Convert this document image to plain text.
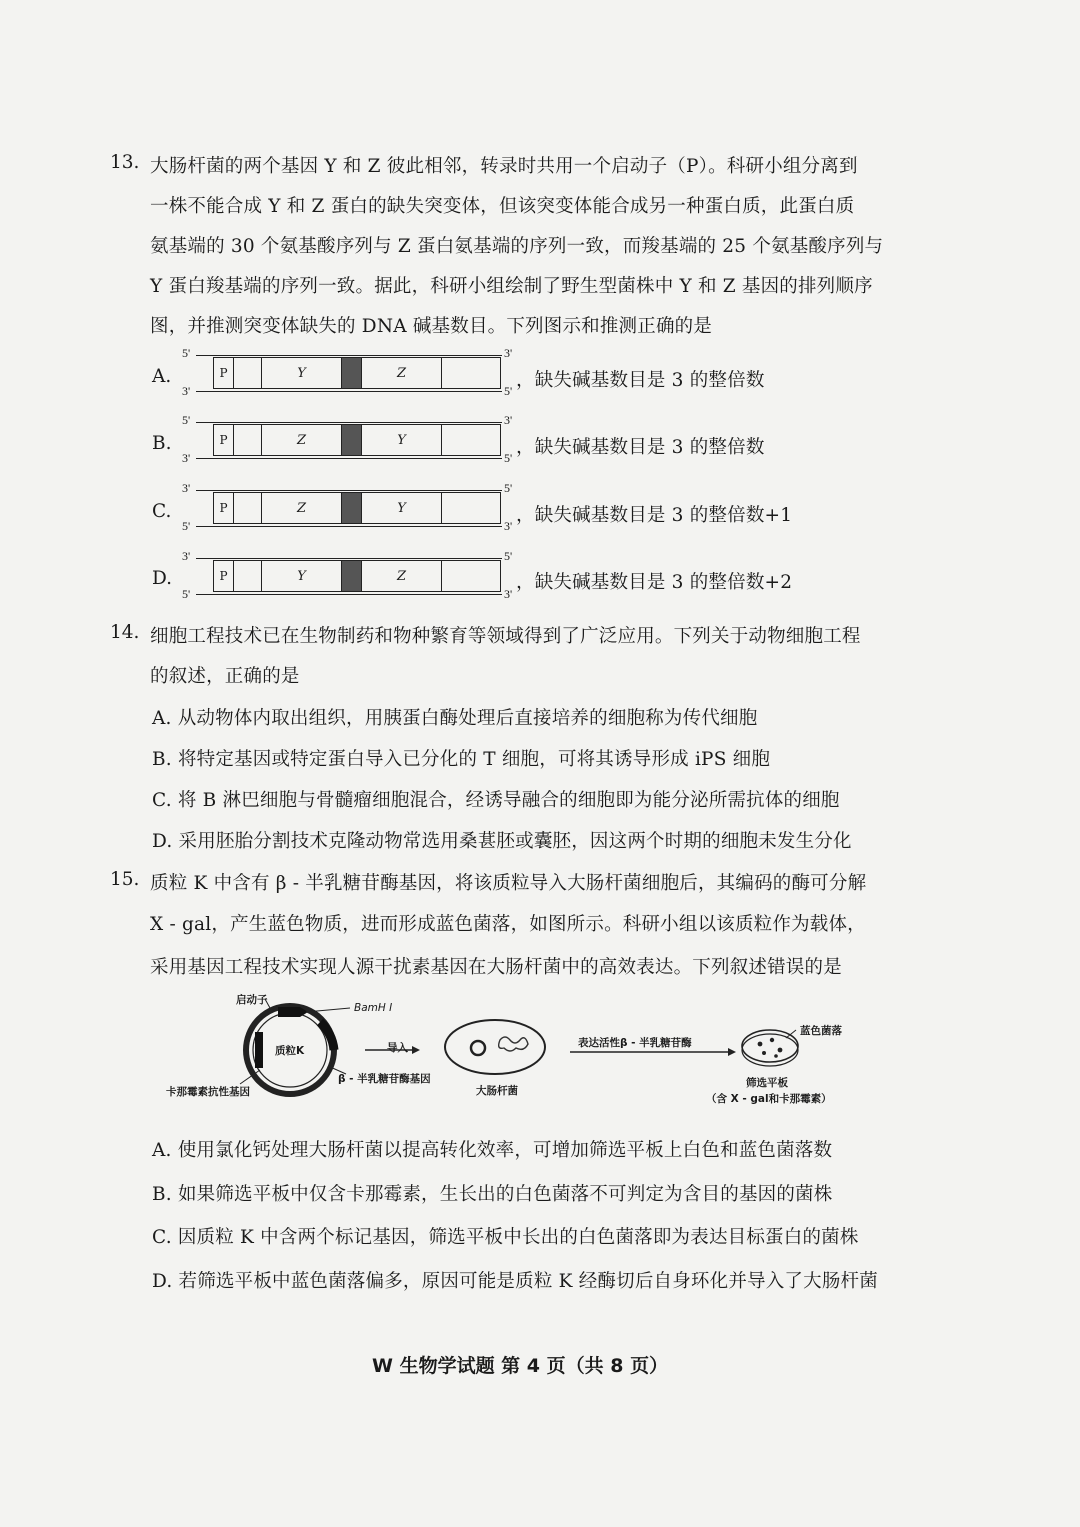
13. 大肠杆菌的两个基因 Y 和 Z 彼此相邻，转录时共用一个启动子（P）。科研小组分离到
一株不能合成 Y 和 Z 蛋白的缺失突变体，但该突变体能合成另一种蛋白质，此蛋白质
氨基端的 30 个氨基酸序列与 Z 蛋白氨基端的序列一致，而羧基端的 25 个氨基酸序列与
Y 蛋白羧基端的序列一致。据此，科研小组绘制了野生型菌株中 Y 和 Z 基因的排列顺序
图，并推测突变体缺失的 DNA 碱基数目。下列图示和推测正确的是
A.
5'
3'
3'
5'
P	Y	Z	，缺失碱基数目是 3 的整倍数
B.
5'
3'
3'
5'
P	Z	Y	，缺失碱基数目是 3 的整倍数
C.
3'
5'
5'
3'
P	Z	Y	，缺失碱基数目是 3 的整倍数+1
D.
3'
5'
5'
3'
P	Y	Z	，缺失碱基数目是 3 的整倍数+2
14. 细胞工程技术已在生物制药和物种繁育等领域得到了广泛应用。下列关于动物细胞工程
的叙述，正确的是
A. 从动物体内取出组织，用胰蛋白酶处理后直接培养的细胞称为传代细胞
B. 将特定基因或特定蛋白导入已分化的 T 细胞，可将其诱导形成 iPS 细胞
C. 将 B 淋巴细胞与骨髓瘤细胞混合，经诱导融合的细胞即为能分泌所需抗体的细胞
D. 采用胚胎分割技术克隆动物常选用桑葚胚或囊胚，因这两个时期的细胞未发生分化
15. 质粒 K 中含有 β - 半乳糖苷酶基因，将该质粒导入大肠杆菌细胞后，其编码的酶可分解
X - gal，产生蓝色物质，进而形成蓝色菌落，如图所示。科研小组以该质粒作为载体，
采用基因工程技术实现人源干扰素基因在大肠杆菌中的高效表达。下列叙述错误的是
启动子
BamH I
质粒K
卡那霉素抗性基因
β - 半乳糖苷酶基因
导入
大肠杆菌
表达活性β - 半乳糖苷酶
蓝色菌落
筛选平板
（含 X - gal和卡那霉素）
A. 使用氯化钙处理大肠杆菌以提高转化效率，可增加筛选平板上白色和蓝色菌落数
B. 如果筛选平板中仅含卡那霉素，生长出的白色菌落不可判定为含目的基因的菌株
C. 因质粒 K 中含两个标记基因，筛选平板中长出的白色菌落即为表达目标蛋白的菌株
D. 若筛选平板中蓝色菌落偏多，原因可能是质粒 K 经酶切后自身环化并导入了大肠杆菌
W 生物学试题 第 4 页（共 8 页）
